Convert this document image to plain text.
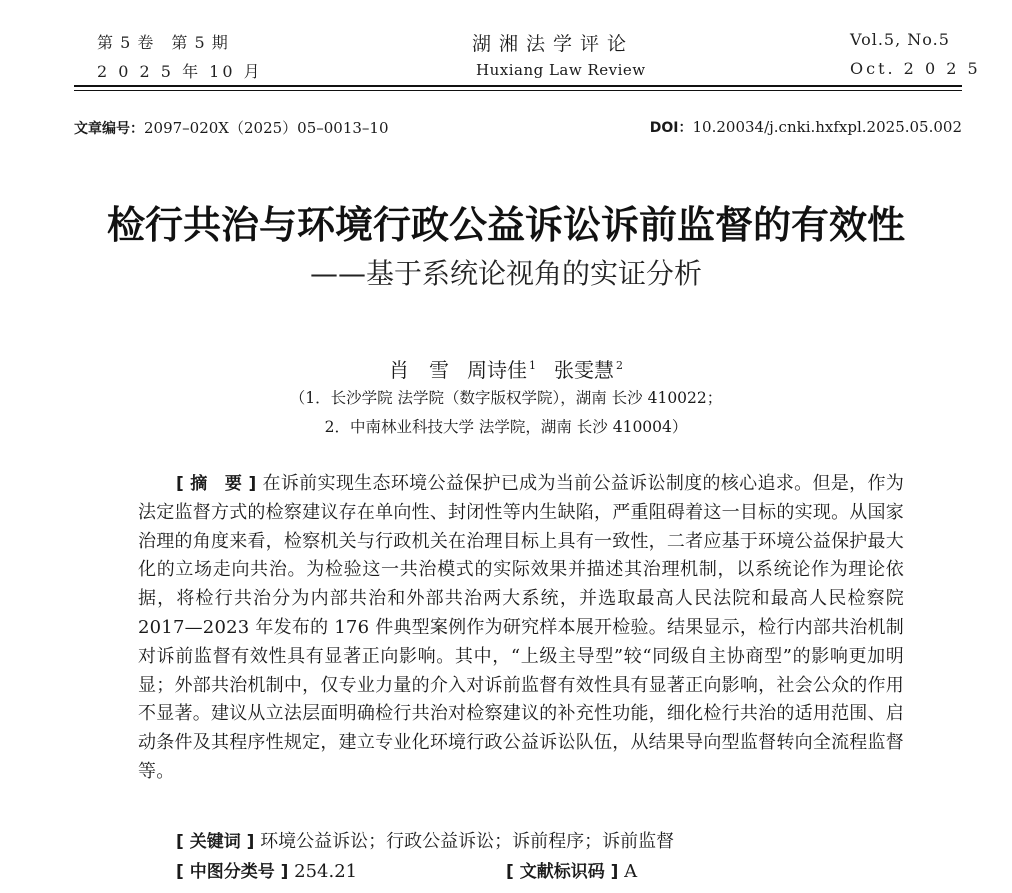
第 5 卷　第 5 期
2 0 2 5 年 10 月
湖湘法学评论
Huxiang Law Review
Vol.5, No.5
Oct. 2 0 2 5
文章编号：2097–020X（2025）05–0013–10	DOI：10.20034/j.cnki.hxfxpl.2025.05.002
检行共治与环境行政公益诉讼诉前监督的有效性
——基于系统论视角的实证分析
肖　雪 周诗佳 $^1$ 张雯慧 $^2$
（1．长沙学院 法学院（数字版权学院），湖南 长沙 410022；
2．中南林业科技大学 法学院，湖南 长沙 410004）
[ 摘　要 ] 在诉前实现生态环境公益保护已成为当前公益诉讼制度的核心追求。但是，作为法定监督方式的检察建议存在单向性、封闭性等内生缺陷，严重阻碍着这一目标的实现。从国家治理的角度来看，检察机关与行政机关在治理目标上具有一致性，二者应基于环境公益保护最大化的立场走向共治。为检验这一共治模式的实际效果并描述其治理机制，以系统论作为理论依据，将检行共治分为内部共治和外部共治两大系统，并选取最高人民法院和最高人民检察院 2017—2023 年发布的 176 件典型案例作为研究样本展开检验。结果显示，检行内部共治机制对诉前监督有效性具有显著正向影响。其中，“上级主导型”较“同级自主协商型”的影响更加明显；外部共治机制中，仅专业力量的介入对诉前监督有效性具有显著正向影响，社会公众的作用不显著。建议从立法层面明确检行共治对检察建议的补充性功能，细化检行共治的适用范围、启动条件及其程序性规定，建立专业化环境行政公益诉讼队伍，从结果导向型监督转向全流程监督等。
[ 关键词 ] 环境公益诉讼；行政公益诉讼；诉前程序；诉前监督
[ 中图分类号 ] 254.21	[ 文献标识码 ] A
